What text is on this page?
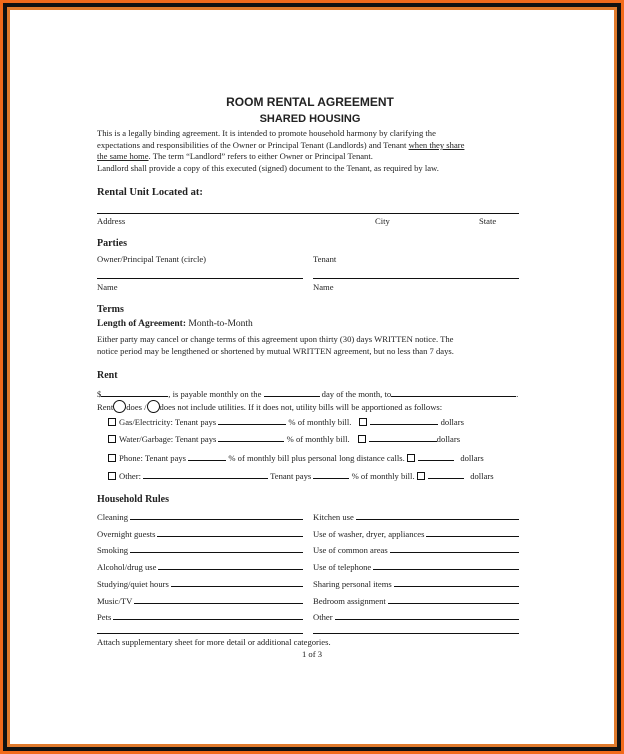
ROOM RENTAL AGREEMENT
SHARED HOUSING
This is a legally binding agreement. It is intended to promote household harmony by clarifying the
expectations and responsibilities of the Owner or Principal Tenant (Landlords) and Tenant when they share
the same home. The term “Landlord” refers to either Owner or Principal Tenant.
Landlord shall provide a copy of this executed (signed) document to the Tenant, as required by law.
Rental Unit Located at:
Address	City	State
Parties
Owner/Principal Tenant (circle)	Tenant
Name	Name
Terms
Length of Agreement: Month-to-Month
Either party may cancel or change terms of this agreement upon thirty (30) days WRITTEN notice. The
notice period may be lengthened or shortened by mutual WRITTEN agreement, but no less than 7 days.
Rent
$	, is payable monthly on the	day of the month, to	.
Rent does / does not include utilities. If it does not, utility bills will be apportioned as follows:
Gas/Electricity: Tenant pays	% of monthly bill.	dollars
Water/Garbage: Tenant pays	% of monthly bill.	dollars
Phone: Tenant pays	% of monthly bill plus personal long distance calls.	dollars
Other:	Tenant pays	% of monthly bill.	dollars
Household Rules
Cleaning	Kitchen use
Overnight guests	Use of washer, dryer, appliances
Smoking	Use of common areas
Alcohol/drug use	Use of telephone
Studying/quiet hours	Sharing personal items
Music/TV	Bedroom assignment
Pets	Other
Attach supplementary sheet for more detail or additional categories.
1 of 3
